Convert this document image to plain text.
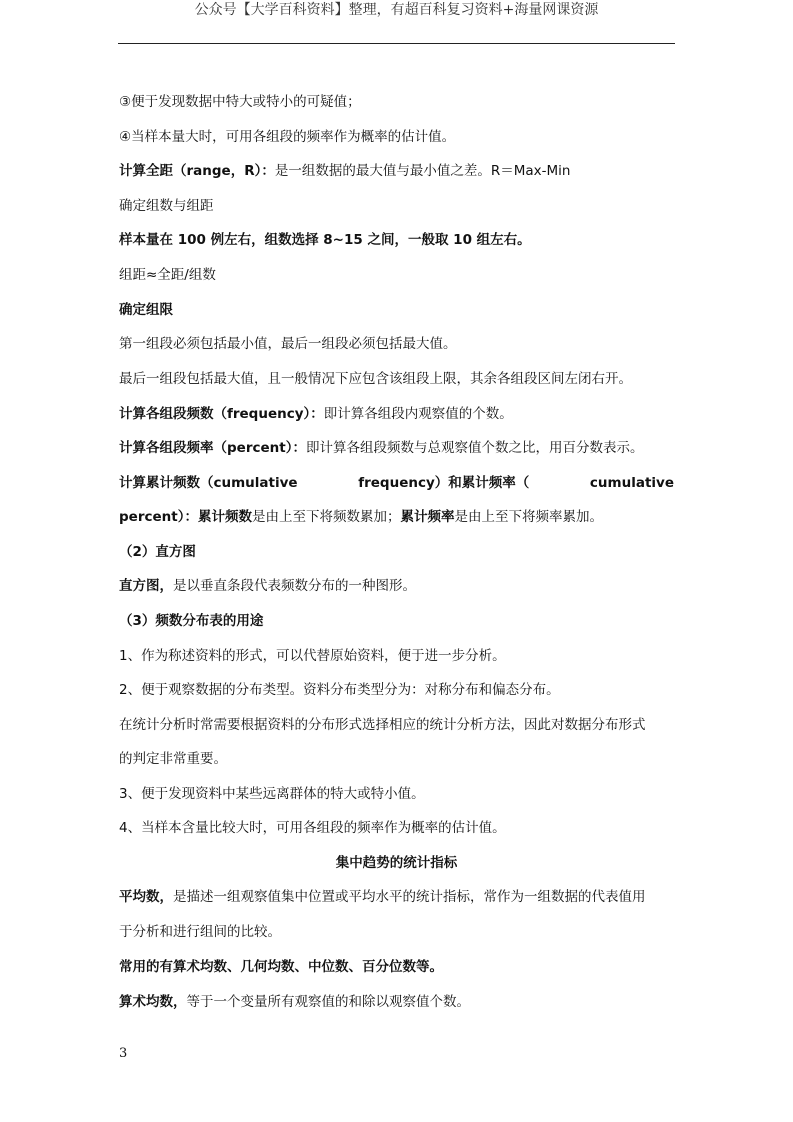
公众号【大学百科资料】整理，有超百科复习资料+海量网课资源
③便于发现数据中特大或特小的可疑值；
④当样本量大时，可用各组段的频率作为概率的估计值。
计算全距（range，R）：是一组数据的最大值与最小值之差。R＝Max-Min
确定组数与组距
样本量在 100 例左右，组数选择 8~15 之间，一般取 10 组左右。
组距≈全距/组数
确定组限
第一组段必须包括最小值，最后一组段必须包括最大值。
最后一组段包括最大值，且一般情况下应包含该组段上限，其余各组段区间左闭右开。
计算各组段频数（frequency）：即计算各组段内观察值的个数。
计算各组段频率（percent）：即计算各组段频数与总观察值个数之比，用百分数表示。
计算累计频数（cumulative	frequency）和累计频率（	cumulative
percent）：累计频数是由上至下将频数累加；累计频率是由上至下将频率累加。
（2）直方图
直方图，是以垂直条段代表频数分布的一种图形。
（3）频数分布表的用途
1、作为称述资料的形式，可以代替原始资料，便于进一步分析。
2、便于观察数据的分布类型。资料分布类型分为：对称分布和偏态分布。
在统计分析时常需要根据资料的分布形式选择相应的统计分析方法，因此对数据分布形式
的判定非常重要。
3、便于发现资料中某些远离群体的特大或特小值。
4、当样本含量比较大时，可用各组段的频率作为概率的估计值。
集中趋势的统计指标
平均数，是描述一组观察值集中位置或平均水平的统计指标，常作为一组数据的代表值用
于分析和进行组间的比较。
常用的有算术均数、几何均数、中位数、百分位数等。
算术均数，等于一个变量所有观察值的和除以观察值个数。
3
